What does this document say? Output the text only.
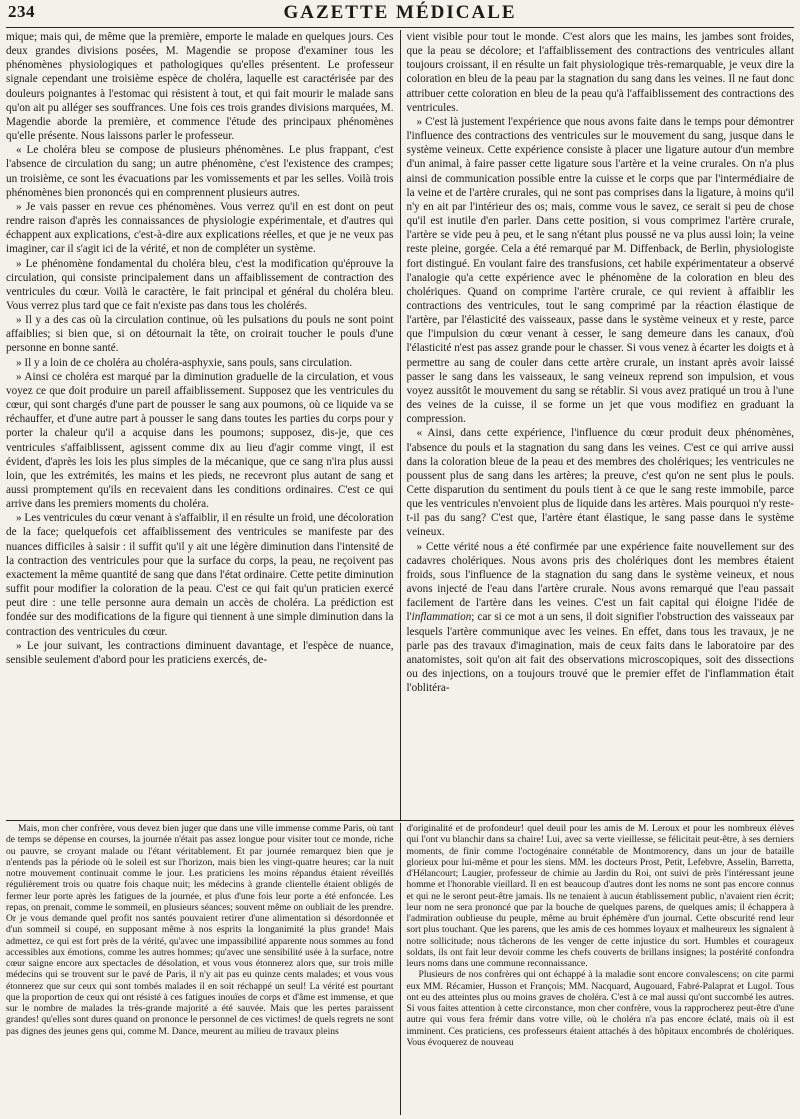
234	GAZETTE MÉDICALE

mique; mais qui, de même que la première, emporte le malade en quelques jours. Ces deux grandes divisions posées, M. Magendie se propose d'examiner tous les phénomènes physiologiques et pathologiques qu'elles présentent. Le professeur signale cependant une troisième espèce de choléra, laquelle est caractérisée par des douleurs poignantes à l'estomac qui résistent à tout, et qui fait mourir le malade sans qu'on ait pu alléger ses souffrances. Une fois ces trois grandes divisions marquées, M. Magendie aborde la première, et commence l'étude des principaux phénomènes qu'elle présente. Nous laissons parler le professeur.

« Le choléra bleu se compose de plusieurs phénomènes. Le plus frappant, c'est l'absence de circulation du sang; un autre phénomène, c'est l'existence des crampes; un troisième, ce sont les évacuations par les vomissements et par les selles. Voilà trois phénomènes bien prononcés qui en comprennent plusieurs autres.

» Je vais passer en revue ces phénomènes. Vous verrez qu'il en est dont on peut rendre raison d'après les connaissances de physiologie expérimentale, et d'autres qui échappent aux explications, c'est-à-dire aux explications réelles, et que je ne veux pas imaginer, car il s'agit ici de la vérité, et non de compléter un système.

» Le phénomène fondamental du choléra bleu, c'est la modification qu'éprouve la circulation, qui consiste principalement dans un affaiblissement de contraction des ventricules du cœur. Voilà le caractère, le fait principal et général du choléra bleu. Vous verrez plus tard que ce fait n'existe pas dans tous les cholérés.

» Il y a des cas où la circulation continue, où les pulsations du pouls ne sont point affaiblies; si bien que, si on détournait la tête, on croirait toucher le pouls d'une personne en bonne santé.

» Il y a loin de ce choléra au choléra-asphyxie, sans pouls, sans circulation.

» Ainsi ce choléra est marqué par la diminution graduelle de la circulation, et vous voyez ce que doit produire un pareil affaiblissement. Supposez que les ventricules du cœur, qui sont chargés d'une part de pousser le sang aux poumons, où ce liquide va se réchauffer, et d'une autre part à pousser le sang dans toutes les parties du corps pour y porter la chaleur qu'il a acquise dans les poumons; supposez, dis-je, que ces ventricules s'affaiblissent, agissent comme dix au lieu d'agir comme vingt, il est évident, d'après les lois les plus simples de la mécanique, que ce sang n'ira plus aussi loin, que les extrémités, les mains et les pieds, ne recevront plus autant de sang et aussi promptement qu'ils en recevaient dans les conditions ordinaires. C'est ce qui arrive dans les premiers moments du choléra.

» Les ventricules du cœur venant à s'affaiblir, il en résulte un froid, une décoloration de la face; quelquefois cet affaiblissement des ventricules se manifeste par des nuances difficiles à saisir : il suffit qu'il y ait une légère diminution dans l'intensité de la contraction des ventricules pour que la surface du corps, la peau, ne reçoivent pas exactement la même quantité de sang que dans l'état ordinaire. Cette petite diminution suffit pour modifier la coloration de la peau. C'est ce qui fait qu'un praticien exercé peut dire : une telle personne aura demain un accès de choléra. La prédiction est fondée sur des modifications de la figure qui tiennent à une simple diminution dans la contraction des ventricules du cœur.

» Le jour suivant, les contractions diminuent davantage, et l'espèce de nuance, sensible seulement d'abord pour les praticiens exercés, de-

vient visible pour tout le monde. C'est alors que les mains, les jambes sont froides, que la peau se décolore; et l'affaiblissement des contractions des ventricules allant toujours croissant, il en résulte un fait physiologique très-remarquable, je veux dire la coloration en bleu de la peau par la stagnation du sang dans les veines. Il ne faut donc attribuer cette coloration en bleu de la peau qu'à l'affaiblissement des contractions des ventricules.

» C'est là justement l'expérience que nous avons faite dans le temps pour démontrer l'influence des contractions des ventricules sur le mouvement du sang, jusque dans le système veineux. Cette expérience consiste à placer une ligature autour d'un membre d'un animal, à faire passer cette ligature sous l'artère et la veine crurales. On n'a plus ainsi de communication possible entre la cuisse et le corps que par l'intermédiaire de la veine et de l'artère crurales, qui ne sont pas comprises dans la ligature, à moins qu'il n'y en ait par l'intérieur des os; mais, comme vous le savez, ce serait si peu de chose qu'il est inutile d'en parler. Dans cette position, si vous comprimez l'artère crurale, l'artère se vide peu à peu, et le sang n'étant plus poussé ne va plus aussi loin; la veine reste pleine, gorgée. Cela a été remarqué par M. Diffenback, de Berlin, physiologiste fort distingué. En voulant faire des transfusions, cet habile expérimentateur a observé l'analogie qu'a cette expérience avec le phénomène de la coloration en bleu des cholériques. Quand on comprime l'artère crurale, ce qui revient à affaiblir les contractions des ventricules, tout le sang comprimé par la réaction élastique de l'artère, par l'élasticité des vaisseaux, passe dans le système veineux et y reste, parce que l'impulsion du cœur venant à cesser, le sang demeure dans les canaux, d'où l'élasticité n'est pas assez grande pour le chasser. Si vous venez à écarter les doigts et à permettre au sang de couler dans cette artère crurale, un instant après avoir laissé passer le sang dans les vaisseaux, le sang veineux reprend son impulsion, et vous voyez aussitôt le mouvement du sang se rétablir. Si vous avez pratiqué un trou à l'une des veines de la cuisse, il se forme un jet que vous modifiez en graduant la compression.

« Ainsi, dans cette expérience, l'influence du cœur produit deux phénomènes, l'absence du pouls et la stagnation du sang dans les veines. C'est ce qui arrive aussi dans la coloration bleue de la peau et des membres des cholériques; les ventricules ne poussent plus de sang dans les artères; la preuve, c'est qu'on ne sent plus le pouls. Cette disparution du sentiment du pouls tient à ce que le sang reste immobile, parce que les ventricules n'envoient plus de liquide dans les artères. Mais pourquoi n'y reste-t-il pas du sang? C'est que, l'artère étant élastique, le sang passe dans le système veineux.

» Cette vérité nous a été confirmée par une expérience faite nouvellement sur des cadavres cholériques. Nous avons pris des cholériques dont les membres étaient froids, sous l'influence de la stagnation du sang dans le système veineux, et nous avons injecté de l'eau dans l'artère crurale. Nous avons remarqué que l'eau passait facilement de l'artère dans les veines. C'est un fait capital qui éloigne l'idée de l'inflammation; car si ce mot a un sens, il doit signifier l'obstruction des vaisseaux par lesquels l'artère communique avec les veines. En effet, dans tous les travaux, je ne parle pas des travaux d'imagination, mais de ceux faits dans le laboratoire par des anatomistes, soit qu'on ait fait des observations microscopiques, soit des dissections ou des injections, on a toujours trouvé que le premier effet de l'inflammation était l'oblitéra-

Mais, mon cher confrère, vous devez bien juger que dans une ville immense comme Paris, où tant de temps se dépense en courses, la journée n'était pas assez longue pour visiter tout ce monde, riche ou pauvre, se croyant malade ou l'étant véritablement. Et par journée remarquez bien que je n'entends pas la période où le soleil est sur l'horizon, mais bien les vingt-quatre heures; car la nuit notre mouvement continuait comme le jour. Les praticiens les moins répandus étaient réveillés régulièrement trois ou quatre fois chaque nuit; les médecins à grande clientelle étaient obligés de fermer leur porte après les fatigues de la journée, et plus d'une fois leur porte a été enfoncée. Les repas, on prenait, comme le sommeil, en plusieurs séances; souvent même on oubliait de les prendre. Or je vous demande quel profit nos santés pouvaient retirer d'une alimentation si désordonnée et d'un sommeil si coupé, en supposant même à nos esprits la longanimité la plus grande! Mais admettez, ce qui est fort près de la vérité, qu'avec une impassibilité apparente nous sommes au fond accessibles aux émotions, comme les autres hommes; qu'avec une sensibilité usée à la surface, notre cœur saigne encore aux spectacles de désolation, et vous vous étonnerez alors que, sur trois mille médecins qui se trouvent sur le pavé de Paris, il n'y ait pas eu quinze cents malades; et vous vous étonnerez que sur ceux qui sont tombés malades il en soit réchappé un seul! La vérité est pourtant que la proportion de ceux qui ont résisté à ces fatigues inouïes de corps et d'âme est immense, et que sur le nombre de malades la très-grande majorité a été sauvée. Mais que les pertes paraissent grandes! qu'elles sont dures quand on prononce le personnel de ces victimes! de quels regrets ne sont pas dignes des jeunes gens qui, comme M. Dance, meurent au milieu de travaux pleins

d'originalité et de profondeur! quel deuil pour les amis de M. Leroux et pour les nombreux élèves qui l'ont vu blanchir dans sa chaire! Lui, avec sa verte vieillesse, se félicitait peut-être, à ses derniers moments, de finir comme l'octogénaire connétable de Montmorency, dans un jour de bataille glorieux pour lui-même et pour les siens. MM. les docteurs Prost, Petit, Lefebvre, Asselin, Barretta, d'Hélancourt; Laugier, professeur de chimie au Jardin du Roi, ont suivi de près l'intéressant jeune homme et l'honorable vieillard. Il en est beaucoup d'autres dont les noms ne sont pas encore connus et qui ne le seront peut-être jamais. Ils ne tenaient à aucun établissement public, n'avaient rien écrit; leur nom ne sera prononcé que par la bouche de quelques parens, de quelques amis; il échappera à l'admiration oublieuse du peuple, même au bruit éphémère d'un journal. Cette obscurité rend leur sort plus touchant. Que les parens, que les amis de ces hommes loyaux et malheureux les signalent à notre sollicitude; nous tâcherons de les venger de cette injustice du sort. Humbles et courageux soldats, ils ont fait leur devoir comme les chefs couverts de brillans insignes; la postérité confondra leurs noms dans une commune reconnaissance.

Plusieurs de nos confrères qui ont échappé à la maladie sont encore convalescens; on cite parmi eux MM. Récamier, Husson et François; MM. Nacquard, Augouard, Fabré-Palaprat et Lugol. Tous ont eu des atteintes plus ou moins graves de choléra. C'est à ce mal aussi qu'ont succombé les autres. Si vous faites attention à cette circonstance, mon cher confrère, vous la rapprocherez peut-être d'une autre qui vous fera frémir dans votre ville, où le choléra n'a pas encore éclaté, mais où il est imminent. Ces praticiens, ces professeurs étaient attachés à des hôpitaux encombrés de cholériques. Vous évoquerez de nouveau
